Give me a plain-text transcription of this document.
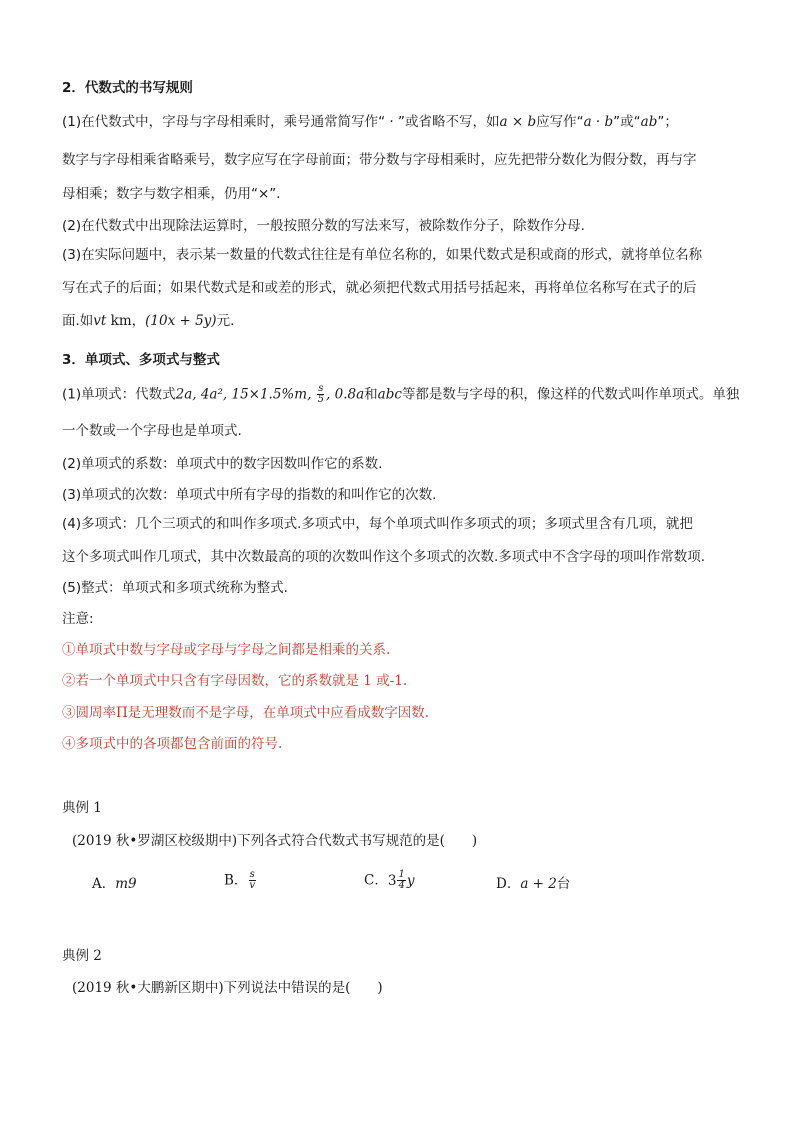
2．代数式的书写规则
(1)在代数式中，字母与字母相乘时，乘号通常简写作“ · ”或省略不写，如a × b应写作“a · b”或“ab”；
数字与字母相乘省略乘号，数字应写在字母前面；带分数与字母相乘时，应先把带分数化为假分数，再与字
母相乘；数字与数字相乘，仍用“×”．
(2)在代数式中出现除法运算时，一般按照分数的写法来写，被除数作分子，除数作分母.
(3)在实际问题中，表示某一数量的代数式往往是有单位名称的，如果代数式是积或商的形式，就将单位名称
写在式子的后面；如果代数式是和或差的形式，就必须把代数式用括号括起来，再将单位名称写在式子的后
面.如vt km，(10x + 5y)元.
3．单项式、多项式与整式
(1)单项式：代数式2a, 4a², 15×1.5%m, $\frac{s}{5}$ , 0.8a和abc等都是数与字母的积，像这样的代数式叫作单项式。单独
一个数或一个字母也是单项式.
(2)单项式的系数：单项式中的数字因数叫作它的系数.
(3)单项式的次数：单项式中所有字母的指数的和叫作它的次数.
(4)多项式：几个三项式的和叫作多项式.多项式中，每个单项式叫作多项式的项；多项式里含有几项，就把
这个多项式叫作几项式，其中次数最高的项的次数叫作这个多项式的次数.多项式中不含字母的项叫作常数项.
(5)整式：单项式和多项式统称为整式.
注意:
①单项式中数与字母或字母与字母之间都是相乘的关系.
②若一个单项式中只含有字母因数，它的系数就是 1 或-1.
③圆周率Π是无理数而不是字母，在单项式中应看成数字因数.
④多项式中的各项都包含前面的符号.
典例 1
(2019 秋•罗湖区校级期中)下列各式符合代数式书写规范的是(　　)
A．m9	B． $\frac{s}{v}$	C． $3 \frac{1}{4}$ y	D．a + 2台
典例 2
(2019 秋•大鹏新区期中)下列说法中错误的是(　　)
